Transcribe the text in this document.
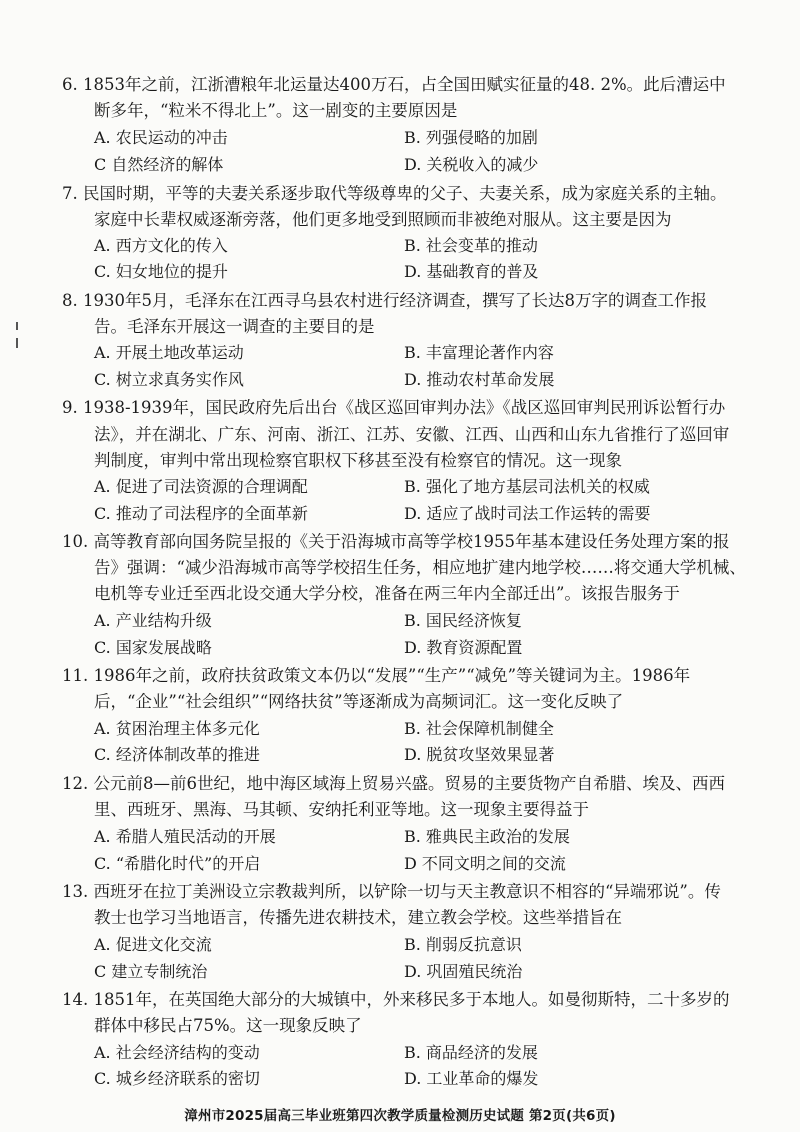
6. 1853年之前，江浙漕粮年北运量达400万石，占全国田赋实征量的48. 2%。此后漕运中
断多年，“粒米不得北上”。这一剧变的主要原因是
A. 农民运动的冲击	B. 列强侵略的加剧
C 自然经济的解体	D. 关税收入的减少
7. 民国时期，平等的夫妻关系逐步取代等级尊卑的父子、夫妻关系，成为家庭关系的主轴。
家庭中长辈权威逐渐旁落，他们更多地受到照顾而非被绝对服从。这主要是因为
A. 西方文化的传入	B. 社会变革的推动
C. 妇女地位的提升	D. 基础教育的普及
8. 1930年5月，毛泽东在江西寻乌县农村进行经济调查，撰写了长达8万字的调查工作报
告。毛泽东开展这一调查的主要目的是
A. 开展土地改革运动	B. 丰富理论著作内容
C. 树立求真务实作风	D. 推动农村革命发展
9. 1938-1939年，国民政府先后出台《战区巡回审判办法》《战区巡回审判民刑诉讼暂行办
法》，并在湖北、广东、河南、浙江、江苏、安徽、江西、山西和山东九省推行了巡回审
判制度，审判中常出现检察官职权下移甚至没有检察官的情况。这一现象
A. 促进了司法资源的合理调配	B. 强化了地方基层司法机关的权威
C. 推动了司法程序的全面革新	D. 适应了战时司法工作运转的需要
10. 高等教育部向国务院呈报的《关于沿海城市高等学校1955年基本建设任务处理方案的报
告》强调：“减少沿海城市高等学校招生任务，相应地扩建内地学校……将交通大学机械、
电机等专业迁至西北设交通大学分校，准备在两三年内全部迁出”。该报告服务于
A. 产业结构升级	B. 国民经济恢复
C. 国家发展战略	D. 教育资源配置
11. 1986年之前，政府扶贫政策文本仍以“发展”“生产”“减免”等关键词为主。1986年
后，“企业”“社会组织”“网络扶贫”等逐渐成为高频词汇。这一变化反映了
A. 贫困治理主体多元化	B. 社会保障机制健全
C. 经济体制改革的推进	D. 脱贫攻坚效果显著
12. 公元前8—前6世纪，地中海区域海上贸易兴盛。贸易的主要货物产自希腊、埃及、西西
里、西班牙、黑海、马其顿、安纳托利亚等地。这一现象主要得益于
A. 希腊人殖民活动的开展	B. 雅典民主政治的发展
C. “希腊化时代”的开启	D 不同文明之间的交流
13. 西班牙在拉丁美洲设立宗教裁判所，以铲除一切与天主教意识不相容的“异端邪说”。传
教士也学习当地语言，传播先进农耕技术，建立教会学校。这些举措旨在
A. 促进文化交流	B. 削弱反抗意识
C 建立专制统治	D. 巩固殖民统治
14. 1851年，在英国绝大部分的大城镇中，外来移民多于本地人。如曼彻斯特，二十多岁的
群体中移民占75%。这一现象反映了
A. 社会经济结构的变动	B. 商品经济的发展
C. 城乡经济联系的密切	D. 工业革命的爆发
漳州市2025届高三毕业班第四次教学质量检测历史试题 第2页(共6页)
